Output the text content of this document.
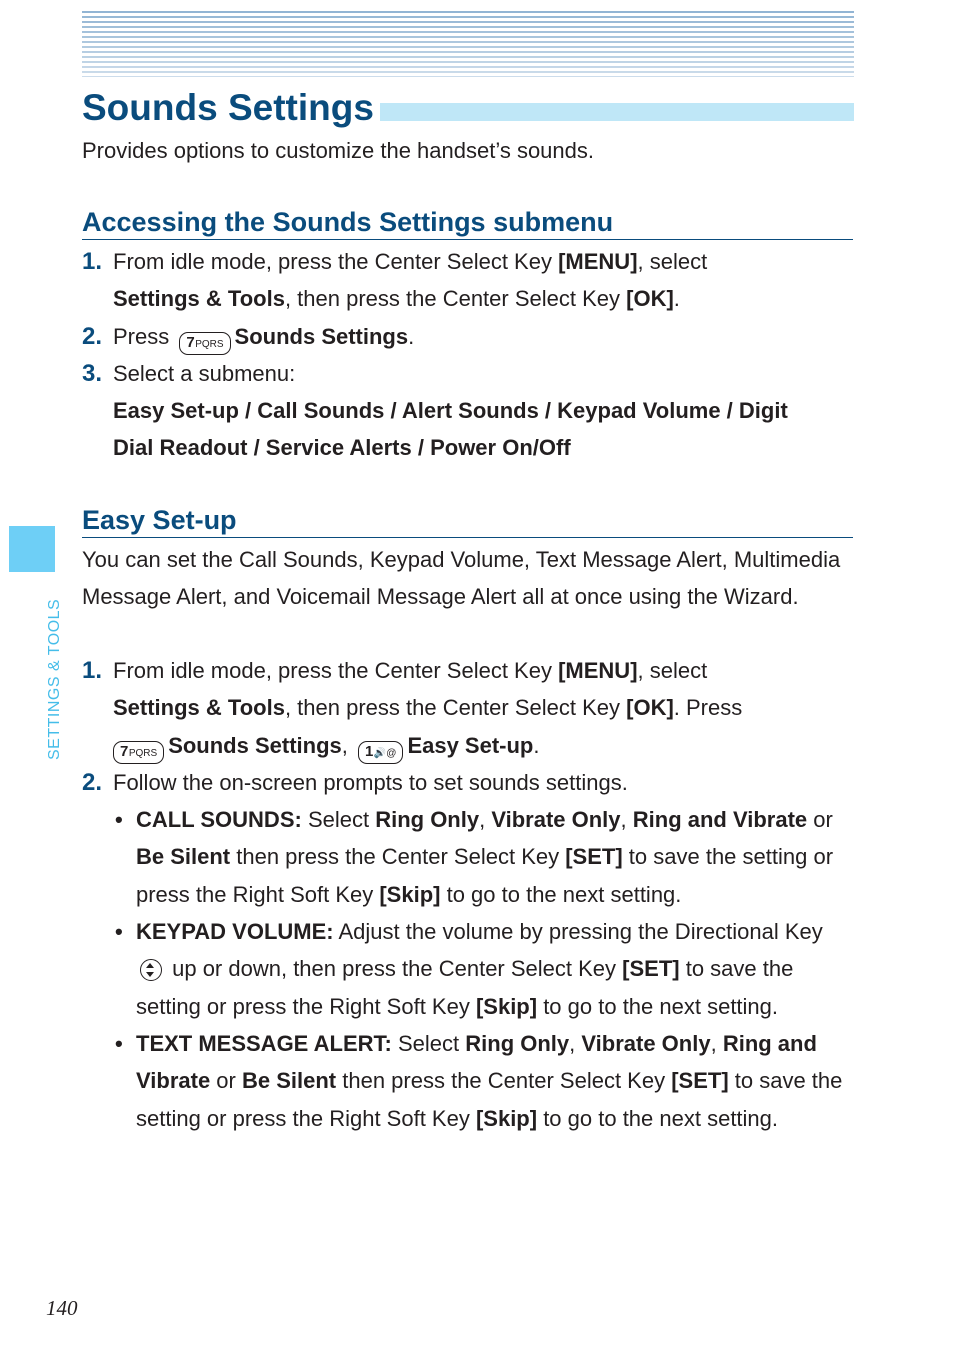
Sounds Settings
Provides options to customize the handset’s sounds.
Accessing the Sounds Settings submenu
1. From idle mode, press the Center Select Key [MENU], select
Settings & Tools, then press the Center Select Key [OK].
2. Press 7PQRS Sounds Settings.
3. Select a submenu:
Easy Set-up / Call Sounds / Alert Sounds / Keypad Volume / Digit Dial Readout / Service Alerts / Power On/Off
Easy Set-up
You can set the Call Sounds, Keypad Volume, Text Message Alert, Multimedia Message Alert, and Voicemail Message Alert all at once using the Wizard.
1. From idle mode, press the Center Select Key [MENU], select
Settings & Tools, then press the Center Select Key [OK]. Press
7PQRS Sounds Settings, 1🔊@ Easy Set-up.
2. Follow the on-screen prompts to set sounds settings.
• CALL SOUNDS: Select Ring Only, Vibrate Only, Ring and Vibrate or Be Silent then press the Center Select Key [SET] to save the setting or press the Right Soft Key [Skip] to go to the next setting.
• KEYPAD VOLUME: Adjust the volume by pressing the Directional Key  up or down, then press the Center Select Key [SET] to save the setting or press the Right Soft Key [Skip] to go to the next setting.
• TEXT MESSAGE ALERT: Select Ring Only, Vibrate Only, Ring and Vibrate or Be Silent then press the Center Select Key [SET] to save the setting or press the Right Soft Key [Skip] to go to the next setting.
SETTINGS & TOOLS
140
